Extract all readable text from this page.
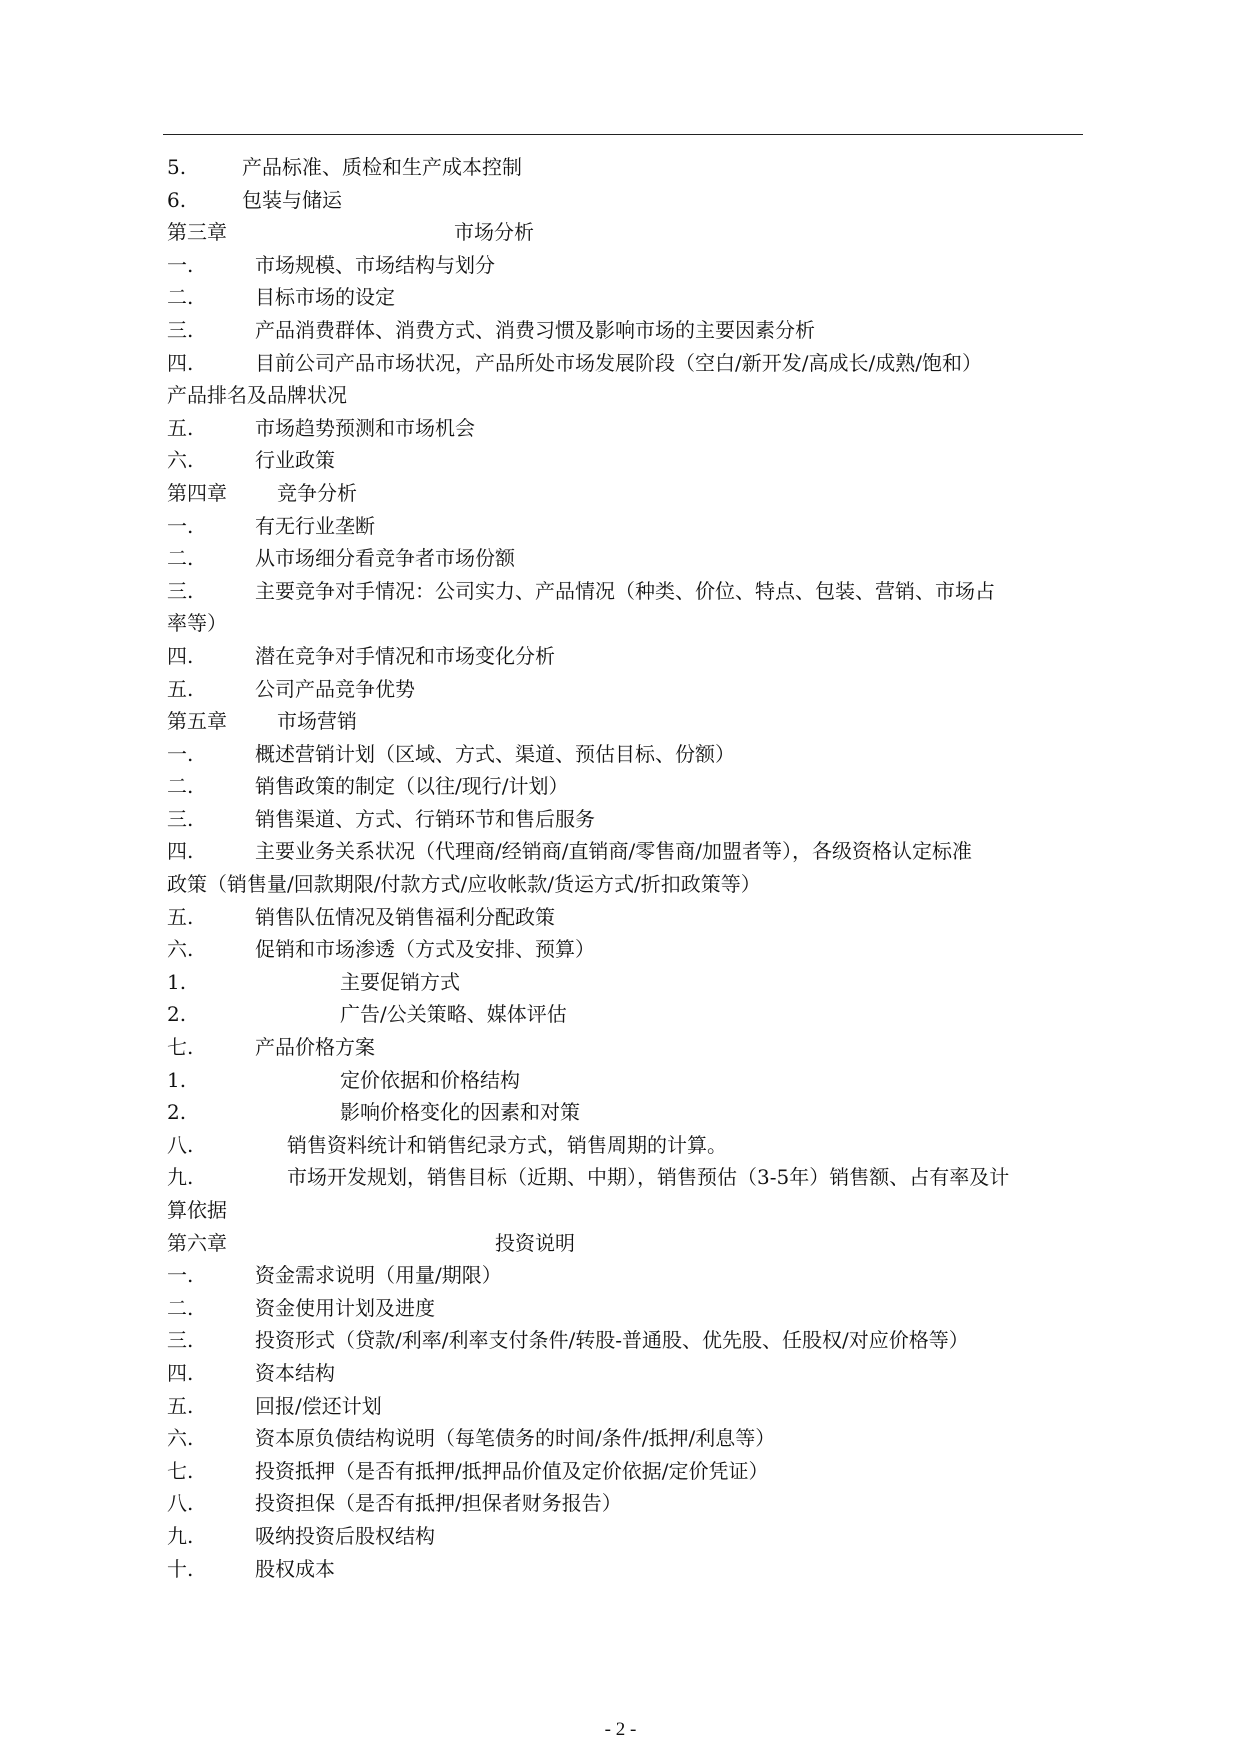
5.	产品标准、质检和生产成本控制
6.	包装与储运
第三章	市场分析
一.	市场规模、市场结构与划分
二.	目标市场的设定
三.	产品消费群体、消费方式、消费习惯及影响市场的主要因素分析
四.	目前公司产品市场状况，产品所处市场发展阶段（空白/新开发/高成长/成熟/饱和）
产品排名及品牌状况
五.	市场趋势预测和市场机会
六.	行业政策
第四章	竞争分析
一.	有无行业垄断
二.	从市场细分看竞争者市场份额
三.	主要竞争对手情况：公司实力、产品情况（种类、价位、特点、包装、营销、市场占
率等）
四.	潜在竞争对手情况和市场变化分析
五.	公司产品竞争优势
第五章	市场营销
一.	概述营销计划（区域、方式、渠道、预估目标、份额）
二.	销售政策的制定（以往/现行/计划）
三.	销售渠道、方式、行销环节和售后服务
四.	主要业务关系状况（代理商/经销商/直销商/零售商/加盟者等），各级资格认定标准
政策（销售量/回款期限/付款方式/应收帐款/货运方式/折扣政策等）
五.	销售队伍情况及销售福利分配政策
六.	促销和市场渗透（方式及安排、预算）
1.	主要促销方式
2.	广告/公关策略、媒体评估
七.	产品价格方案
1.	定价依据和价格结构
2.	影响价格变化的因素和对策
八.	销售资料统计和销售纪录方式，销售周期的计算。
九.	市场开发规划，销售目标（近期、中期），销售预估（3-5年）销售额、占有率及计
算依据
第六章	投资说明
一.	资金需求说明（用量/期限）
二.	资金使用计划及进度
三.	投资形式（贷款/利率/利率支付条件/转股-普通股、优先股、任股权/对应价格等）
四.	资本结构
五.	回报/偿还计划
六.	资本原负债结构说明（每笔债务的时间/条件/抵押/利息等）
七.	投资抵押（是否有抵押/抵押品价值及定价依据/定价凭证）
八.	投资担保（是否有抵押/担保者财务报告）
九.	吸纳投资后股权结构
十.	股权成本
- 2 -
